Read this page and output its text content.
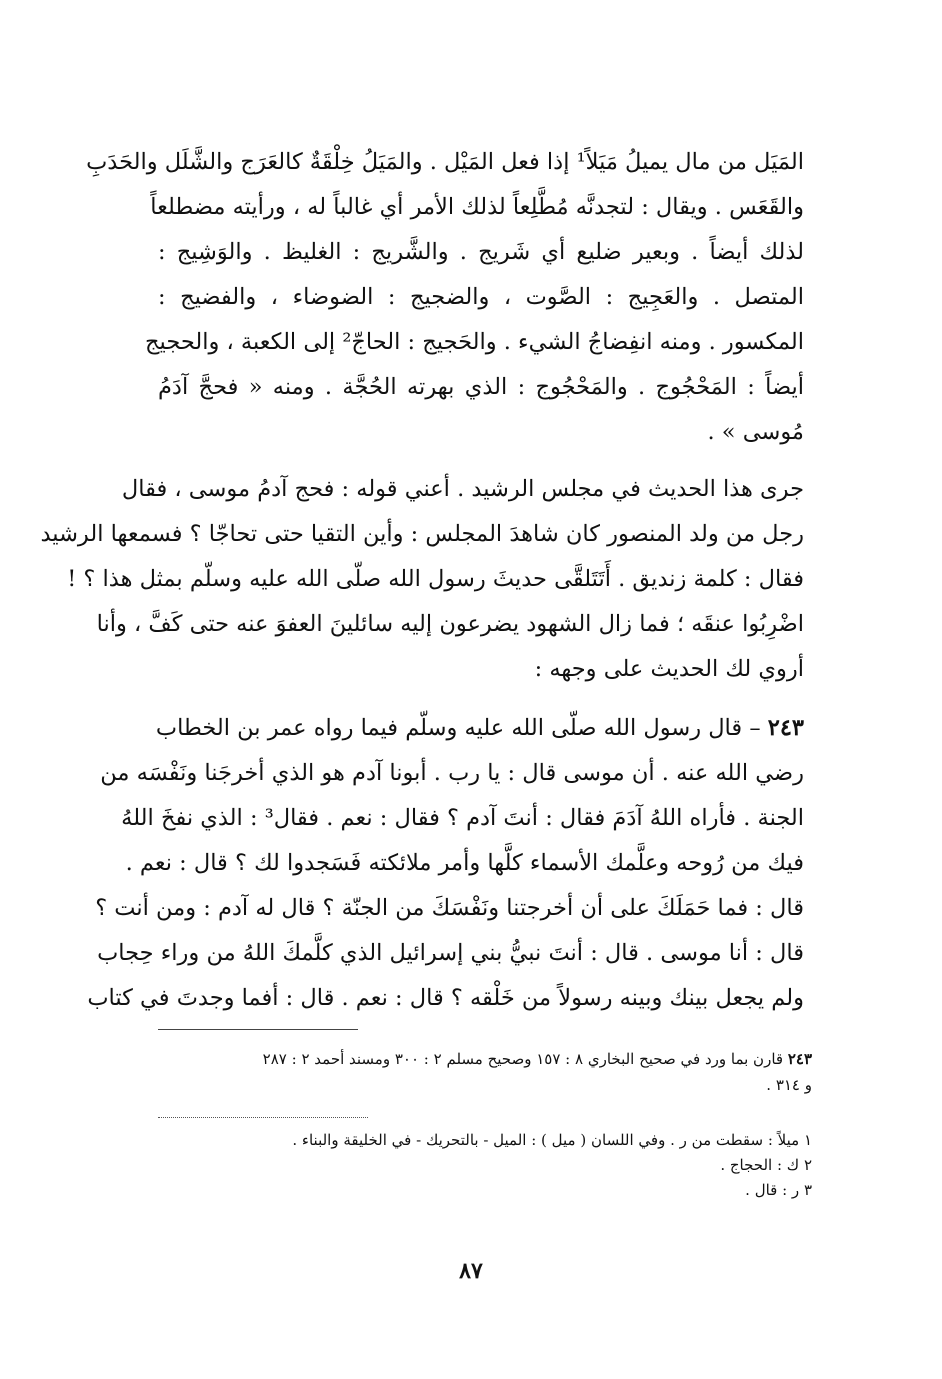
المَيَل من مال يميلُ مَيَلاً¹ إذا فعل المَيْل . والمَيَلُ خِلْقَةٌ كالعَرَج والشَّلَل والحَدَبِ
والقَعَس . ويقال : لتجدنَّه مُطَّلِعاً لذلك الأمر أي غالباً له ، ورأيته مضطلعاً
لذلك أيضاً . وبعير ضليع أي شَريج . والشَّريج : الغليظ . والوَشِيج :
المتصل . والعَجِيج : الصَّوت ، والضجيج : الضوضاء ، والفضيج :
المكسور . ومنه انفِضاجُ الشيء . والحَجيج : الحاجّ² إلى الكعبة ، والحجيج
أيضاً : المَحْجُوج . والمَحْجُوج : الذي بهرته الحُجَّة . ومنه « فحجَّ آدَمُ
مُوسى » .

جرى هذا الحديث في مجلس الرشيد . أعني قوله : فحج آدمُ موسى ، فقال
رجل من ولد المنصور كان شاهدَ المجلس : وأين التقيا حتى تحاجّا ؟ فسمعها الرشيد
فقال : كلمة زنديق . أَتَتَلقَّى حديثَ رسول الله صلّى الله عليه وسلّم بمثل هذا ؟ !
اضْرِبُوا عنقَه ؛ فما زال الشهود يضرعون إليه سائلينَ العفوَ عنه حتى كَفَّ ، وأنا
أروي لك الحديث على وجهه :

٢٤٣ – قال رسول الله صلّى الله عليه وسلّم فيما رواه عمر بن الخطاب
رضي الله عنه . أن موسى قال : يا رب . أبونا آدم هو الذي أخرجَنا ونَفْسَه من
الجنة . فأراه اللهُ آدَمَ فقال : أنتَ آدم ؟ فقال : نعم . فقال³ : الذي نفخَ اللهُ
فيك من رُوحه وعلَّمك الأسماء كلَّها وأمر ملائكته فَسَجدوا لك ؟ قال : نعم .
قال : فما حَمَلَكَ على أن أخرجتنا ونَفْسَكَ من الجنّة ؟ قال له آدم : ومن أنت ؟
قال : أنا موسى . قال : أنتَ نبيُّ بني إسرائيل الذي كلَّمكَ اللهُ من وراء حِجاب
ولم يجعل بينك وبينه رسولاً من خَلْقه ؟ قال : نعم . قال : أفما وجدتَ في كتاب

٢٤٣ قارن بما ورد في صحيح البخاري ٨ : ١٥٧ وصحيح مسلم ٢ : ٣٠٠ ومسند أحمد ٢ : ٢٨٧
و ٣١٤ .
١ ميلاً : سقطت من ر . وفي اللسان ( ميل ) : الميل - بالتحريك - في الخليقة والبناء .
٢ ك : الحجاج .
٣ ر : قال .
٨٧
